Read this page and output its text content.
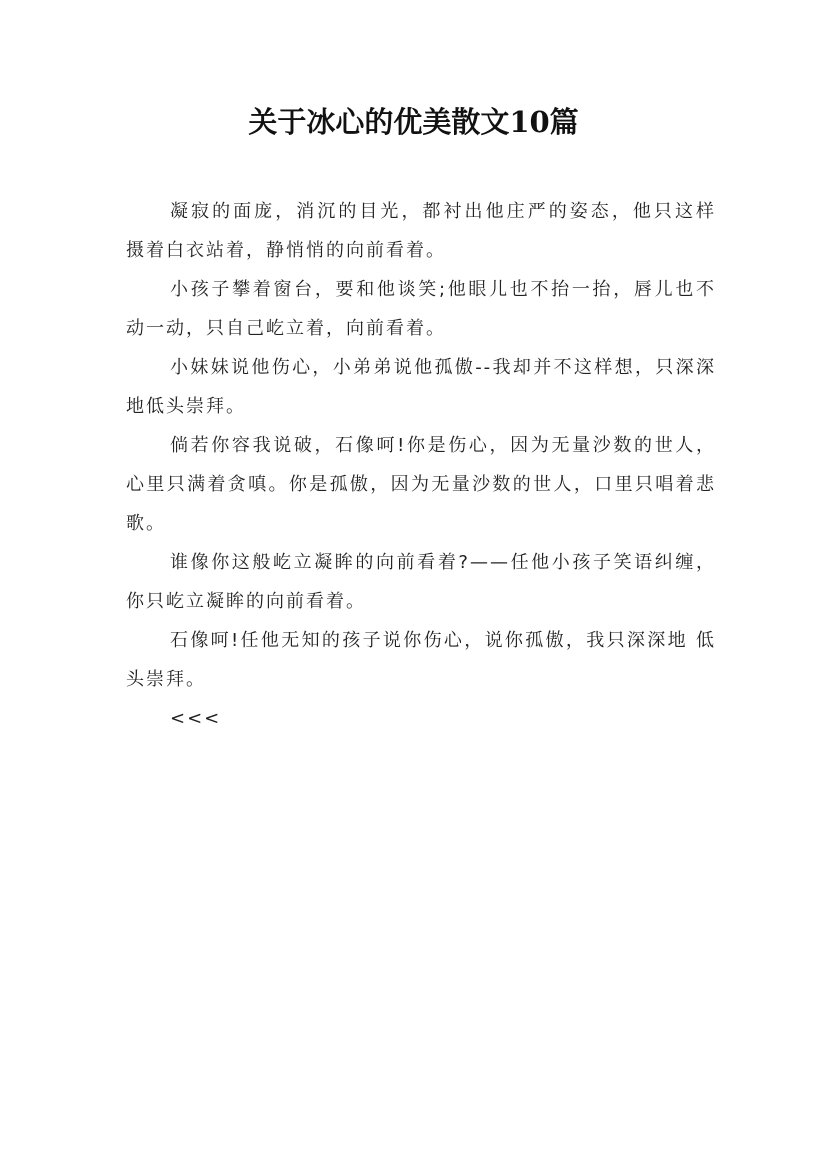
关于冰心的优美散文10篇

凝寂的面庞，消沉的目光，都衬出他庄严的姿态，他只这样 摄着白衣站着，静悄悄的向前看着。

小孩子攀着窗台，要和他谈笑;他眼儿也不抬一抬，唇儿也不动一动，只自己屹立着，向前看着。

小妹妹说他伤心，小弟弟说他孤傲--我却并不这样想，只深深地低头崇拜。

倘若你容我说破，石像呵!你是伤心，因为无量沙数的世人，心里只满着贪嗔。你是孤傲，因为无量沙数的世人，口里只唱着悲歌。

谁像你这般屹立凝眸的向前看着?——任他小孩子笑语纠缠，你只屹立凝眸的向前看着。

石像呵!任他无知的孩子说你伤心，说你孤傲，我只深深地 低头崇拜。

<<<
